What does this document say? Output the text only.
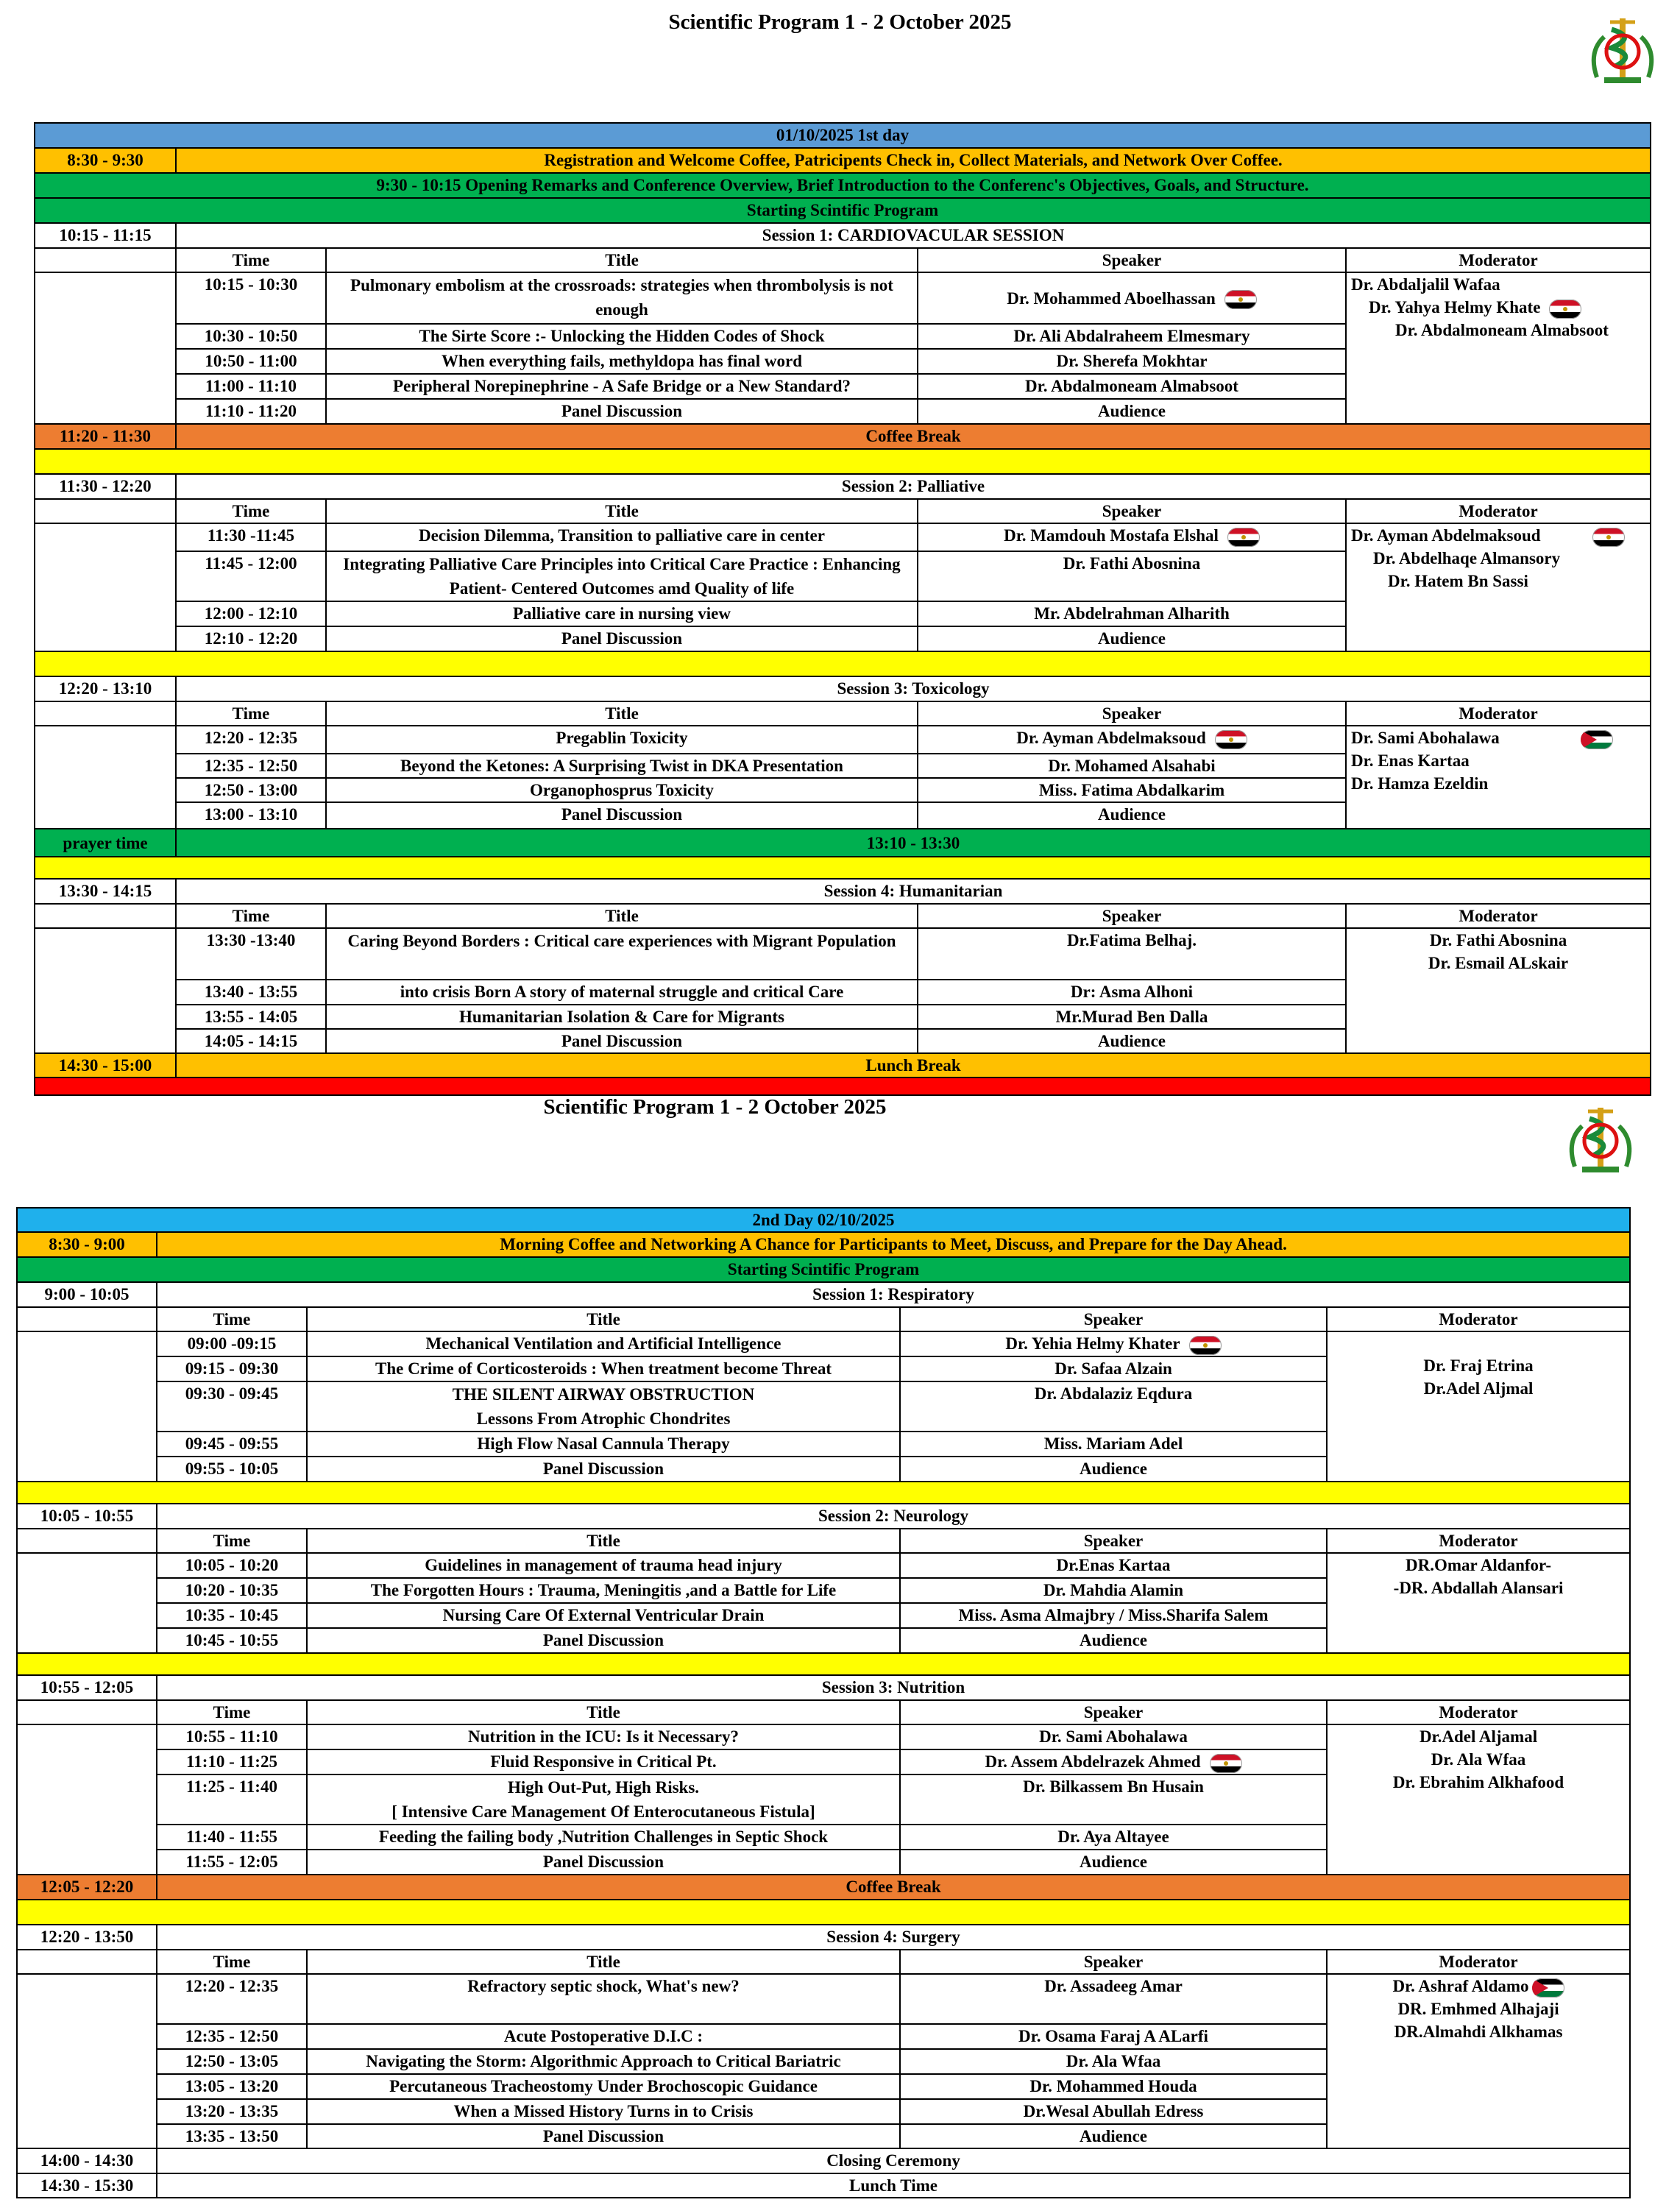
Scientific Program 1 - 2 October 2025
01/10/2025 1st day				
8:30 - 9:30	Registration and Welcome Coffee, Patricipents Check in, Collect Materials, and Network Over Coffee.			
9:30 - 10:15 Opening Remarks and Conference Overview, Brief Introduction to the Conferenc's Objectives, Goals, and Structure.				
Starting Scintific Program				
10:15 - 11:15	Session 1: CARDIOVACULAR SESSION			
	Time	Title	Speaker	Moderator
	10:15 - 10:30	Pulmonary embolism at the crossroads: strategies when thrombolysis is not enough	Dr. Mohammed Aboelhassan	Dr. Abdaljalil Wafaa
Dr. Yahya Helmy Khate
Dr. Abdalmoneam Almabsoot

	10:30 - 10:50	The Sirte Score :- Unlocking the Hidden Codes of Shock	Dr. Ali Abdalraheem Elmesmary	
	10:50 - 11:00	When everything fails, methyldopa has final word	Dr. Sherefa Mokhtar	
	11:00 - 11:10	Peripheral Norepinephrine - A Safe Bridge or a New Standard?	Dr. Abdalmoneam Almabsoot	
	11:10 - 11:20	Panel Discussion	Audience	
11:20 - 11:30	Coffee Break			

11:30 - 12:20	Session 2: Palliative			
	Time	Title	Speaker	Moderator
	11:30 -11:45	Decision Dilemma, Transition to palliative care in center	Dr. Mamdouh Mostafa Elshal	Dr. Ayman Abdelmaksoud
Dr. Abdelhaqe Almansory
Dr. Hatem Bn Sassi

	11:45 - 12:00	Integrating Palliative Care Principles into Critical Care Practice : Enhancing Patient- Centered Outcomes amd Quality of life	Dr. Fathi Abosnina	
	12:00 - 12:10	Palliative care in nursing view	Mr. Abdelrahman Alharith	
	12:10 - 12:20	Panel Discussion	Audience	

12:20 - 13:10	Session 3: Toxicology			
	Time	Title	Speaker	Moderator
	12:20 - 12:35	Pregablin Toxicity	Dr. Ayman Abdelmaksoud	Dr. Sami Abohalawa
Dr. Enas Kartaa
Dr. Hamza Ezeldin

	12:35 - 12:50	Beyond the Ketones: A Surprising Twist in DKA Presentation	Dr. Mohamed Alsahabi	
	12:50 - 13:00	Organophosprus Toxicity	Miss. Fatima Abdalkarim	
	13:00 - 13:10	Panel Discussion	Audience	
prayer time	13:10 - 13:30			

13:30 - 14:15	Session 4: Humanitarian			
	Time	Title	Speaker	Moderator
	13:30 -13:40	Caring Beyond Borders : Critical care experiences with Migrant Population	Dr.Fatima Belhaj.	Dr. Fathi Abosnina
Dr. Esmail ALskair

	13:40 - 13:55	into crisis Born A story of maternal struggle and critical Care	Dr: Asma Alhoni	
	13:55 - 14:05	Humanitarian Isolation & Care for Migrants	Mr.Murad Ben Dalla	
	14:05 - 14:15	Panel Discussion	Audience	
14:30 - 15:00	Lunch Break			

Scientific Program 1 - 2 October 2025
2nd Day 02/10/2025				
8:30 - 9:00	Morning Coffee and Networking A Chance for Participants to Meet, Discuss, and Prepare for the Day Ahead.			
Starting Scintific Program				
9:00 - 10:05	Session 1: Respiratory			
	Time	Title	Speaker	Moderator
	09:00 -09:15	Mechanical Ventilation and Artificial Intelligence	Dr. Yehia Helmy Khater	Dr. Fraj Etrina
Dr.Adel Aljmal

	09:15 - 09:30	The Crime of Corticosteroids : When treatment become Threat	Dr. Safaa Alzain	
	09:30 - 09:45	THE SILENT AIRWAY OBSTRUCTION
Lessons From Atrophic Chondrites	Dr. Abdalaziz Eqdura	
	09:45 - 09:55	High Flow Nasal Cannula Therapy	Miss. Mariam Adel	
	09:55 - 10:05	Panel Discussion	Audience	

10:05 - 10:55	Session 2: Neurology			
	Time	Title	Speaker	Moderator
	10:05 - 10:20	Guidelines in management of trauma head injury	Dr.Enas Kartaa	DR.Omar Aldanfor-
-DR. Abdallah Alansari

	10:20 - 10:35	The Forgotten Hours : Trauma, Meningitis ,and a Battle for Life	Dr. Mahdia Alamin	
	10:35 - 10:45	Nursing Care Of External Ventricular Drain	Miss. Asma Almajbry / Miss.Sharifa Salem	
	10:45 - 10:55	Panel Discussion	Audience	

10:55 - 12:05	Session 3: Nutrition			
	Time	Title	Speaker	Moderator
	10:55 - 11:10	Nutrition in the ICU: Is it Necessary?	Dr. Sami Abohalawa	Dr.Adel Aljamal
Dr. Ala Wfaa
Dr. Ebrahim Alkhafood

	11:10 - 11:25	Fluid Responsive in Critical Pt.	Dr. Assem Abdelrazek Ahmed	
	11:25 - 11:40	High Out-Put, High Risks.
[ Intensive Care Management Of Enterocutaneous Fistula]	Dr. Bilkassem Bn Husain	
	11:40 - 11:55	Feeding the failing body ,Nutrition Challenges in Septic Shock	Dr. Aya Altayee	
	11:55 - 12:05	Panel Discussion	Audience	
12:05 - 12:20	Coffee Break			

12:20 - 13:50	Session 4: Surgery			
	Time	Title	Speaker	Moderator
	12:20 - 12:35	Refractory septic shock, What's new?	Dr. Assadeeg Amar	Dr. Ashraf Aldamo
DR. Emhmed Alhajaji
DR.Almahdi Alkhamas

	12:35 - 12:50	Acute Postoperative D.I.C :	Dr. Osama Faraj A ALarfi	
	12:50 - 13:05	Navigating the Storm: Algorithmic Approach to Critical Bariatric	Dr. Ala Wfaa	
	13:05 - 13:20	Percutaneous Tracheostomy Under Brochoscopic Guidance	Dr. Mohammed Houda	
	13:20 - 13:35	When a Missed History Turns in to Crisis	Dr.Wesal Abullah Edress	
	13:35 - 13:50	Panel Discussion	Audience	
14:00 - 14:30	Closing Ceremony			
14:30 - 15:30	Lunch Time			
